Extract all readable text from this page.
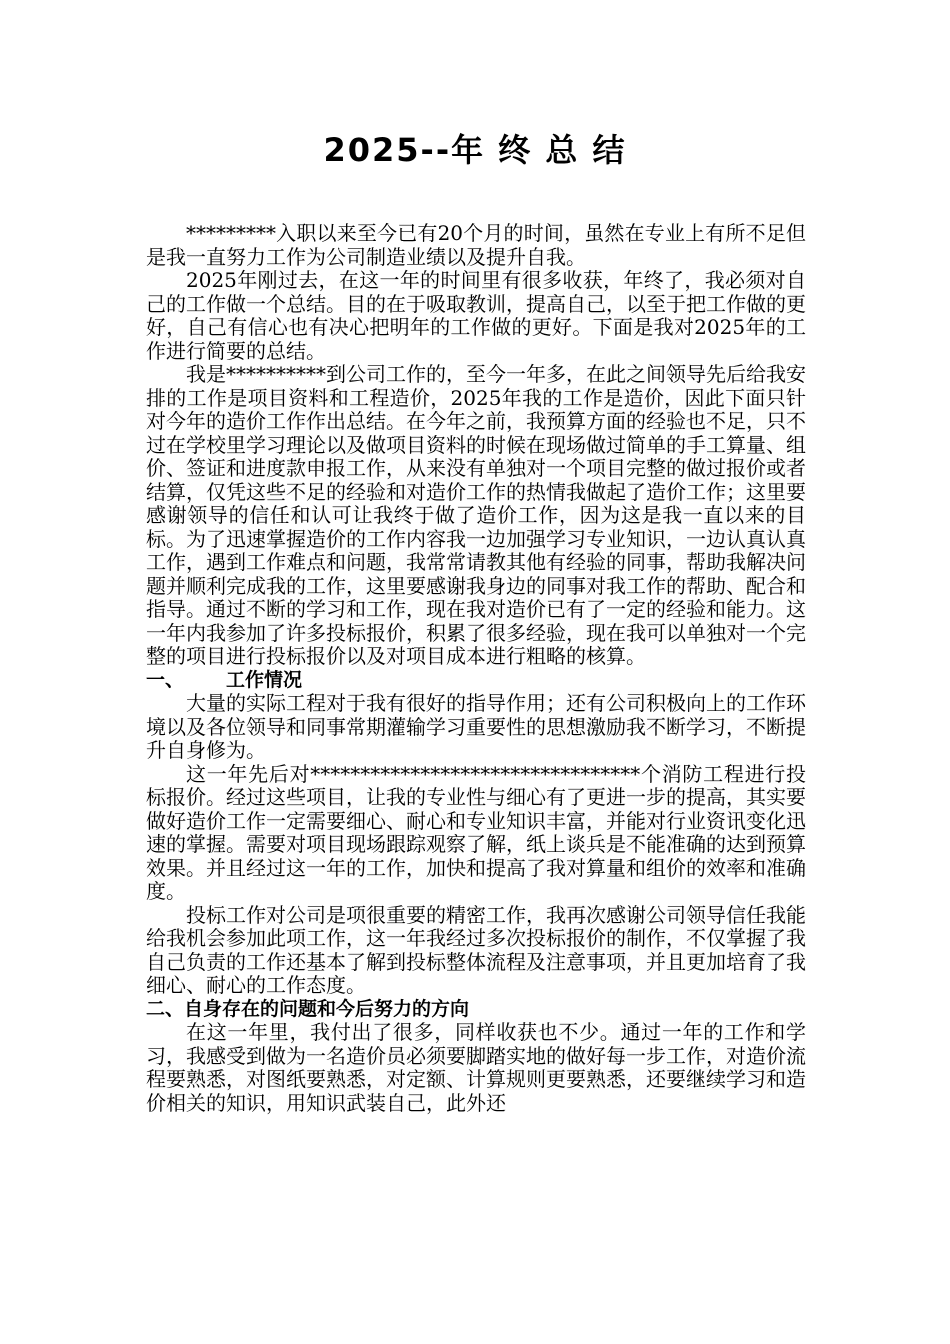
2025--年 终 总 结

*********入职以来至今已有20个月的时间，虽然在专业上有所不足但是我一直努力工作为公司制造业绩以及提升自我。

2025年刚过去，在这一年的时间里有很多收获，年终了，我必须对自己的工作做一个总结。目的在于吸取教训，提高自己，以至于把工作做的更好，自己有信心也有决心把明年的工作做的更好。下面是我对2025年的工作进行简要的总结。

我是**********到公司工作的，至今一年多，在此之间领导先后给我安排的工作是项目资料和工程造价，2025年我的工作是造价，因此下面只针对今年的造价工作作出总结。在今年之前，我预算方面的经验也不足，只不过在学校里学习理论以及做项目资料的时候在现场做过简单的手工算量、组价、签证和进度款申报工作，从来没有单独对一个项目完整的做过报价或者结算，仅凭这些不足的经验和对造价工作的热情我做起了造价工作；这里要感谢领导的信任和认可让我终于做了造价工作，因为这是我一直以来的目标。为了迅速掌握造价的工作内容我一边加强学习专业知识，一边认真认真工作，遇到工作难点和问题，我常常请教其他有经验的同事，帮助我解决问题并顺利完成我的工作，这里要感谢我身边的同事对我工作的帮助、配合和指导。通过不断的学习和工作，现在我对造价已有了一定的经验和能力。这一年内我参加了许多投标报价，积累了很多经验，现在我可以单独对一个完整的项目进行投标报价以及对项目成本进行粗略的核算。

一、 工作情况

大量的实际工程对于我有很好的指导作用；还有公司积极向上的工作环境以及各位领导和同事常期灌输学习重要性的思想激励我不断学习，不断提升自身修为。

这一年先后对*********************************个消防工程进行投标报价。经过这些项目，让我的专业性与细心有了更进一步的提高，其实要做好造价工作一定需要细心、耐心和专业知识丰富，并能对行业资讯变化迅速的掌握。需要对项目现场跟踪观察了解，纸上谈兵是不能准确的达到预算效果。并且经过这一年的工作，加快和提高了我对算量和组价的效率和准确度。

投标工作对公司是项很重要的精密工作，我再次感谢公司领导信任我能给我机会参加此项工作，这一年我经过多次投标报价的制作，不仅掌握了我自己负责的工作还基本了解到投标整体流程及注意事项，并且更加培育了我细心、耐心的工作态度。

二、自身存在的问题和今后努力的方向

在这一年里，我付出了很多，同样收获也不少。通过一年的工作和学习，我感受到做为一名造价员必须要脚踏实地的做好每一步工作，对造价流程要熟悉，对图纸要熟悉，对定额、计算规则更要熟悉，还要继续学习和造价相关的知识，用知识武装自己，此外还
